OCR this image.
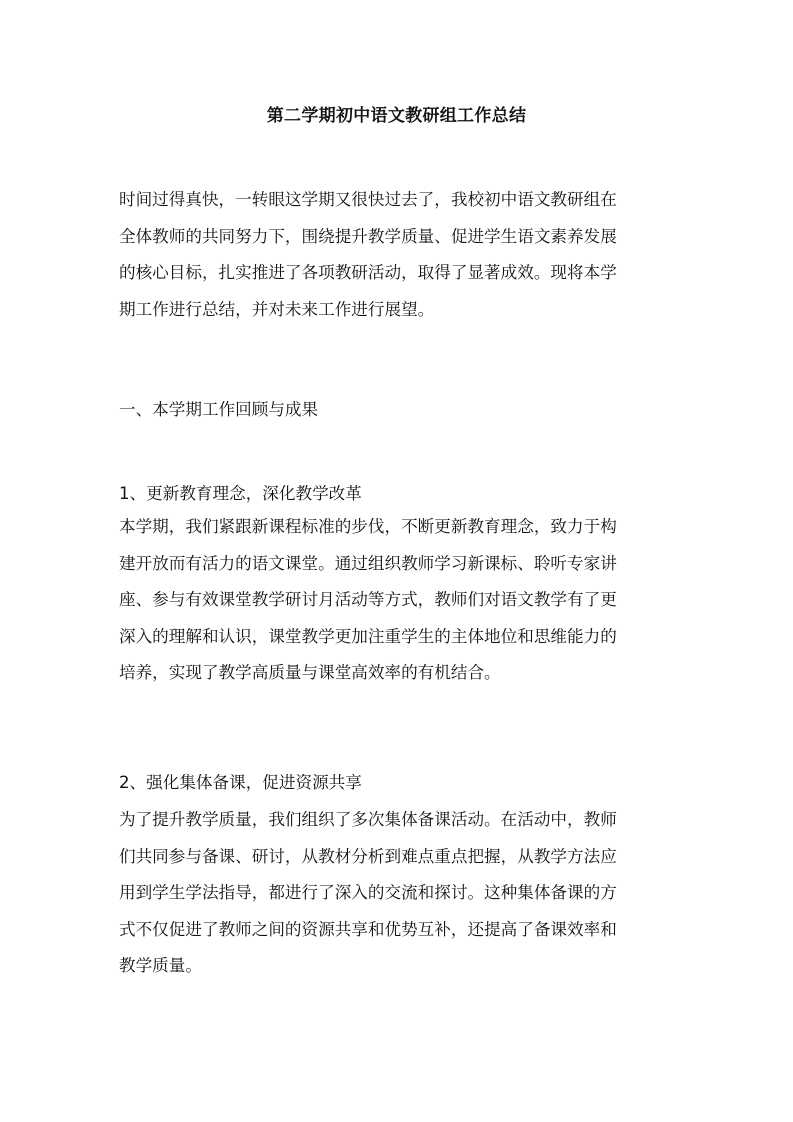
第二学期初中语文教研组工作总结
时间过得真快，一转眼这学期又很快过去了，我校初中语文教研组在
全体教师的共同努力下，围绕提升教学质量、促进学生语文素养发展
的核心目标，扎实推进了各项教研活动，取得了显著成效。现将本学
期工作进行总结，并对未来工作进行展望。
一、本学期工作回顾与成果
1、更新教育理念，深化教学改革
本学期，我们紧跟新课程标准的步伐，不断更新教育理念，致力于构
建开放而有活力的语文课堂。通过组织教师学习新课标、聆听专家讲
座、参与有效课堂教学研讨月活动等方式，教师们对语文教学有了更
深入的理解和认识，课堂教学更加注重学生的主体地位和思维能力的
培养，实现了教学高质量与课堂高效率的有机结合。
2、强化集体备课，促进资源共享
为了提升教学质量，我们组织了多次集体备课活动。在活动中，教师
们共同参与备课、研讨，从教材分析到难点重点把握，从教学方法应
用到学生学法指导，都进行了深入的交流和探讨。这种集体备课的方
式不仅促进了教师之间的资源共享和优势互补，还提高了备课效率和
教学质量。
